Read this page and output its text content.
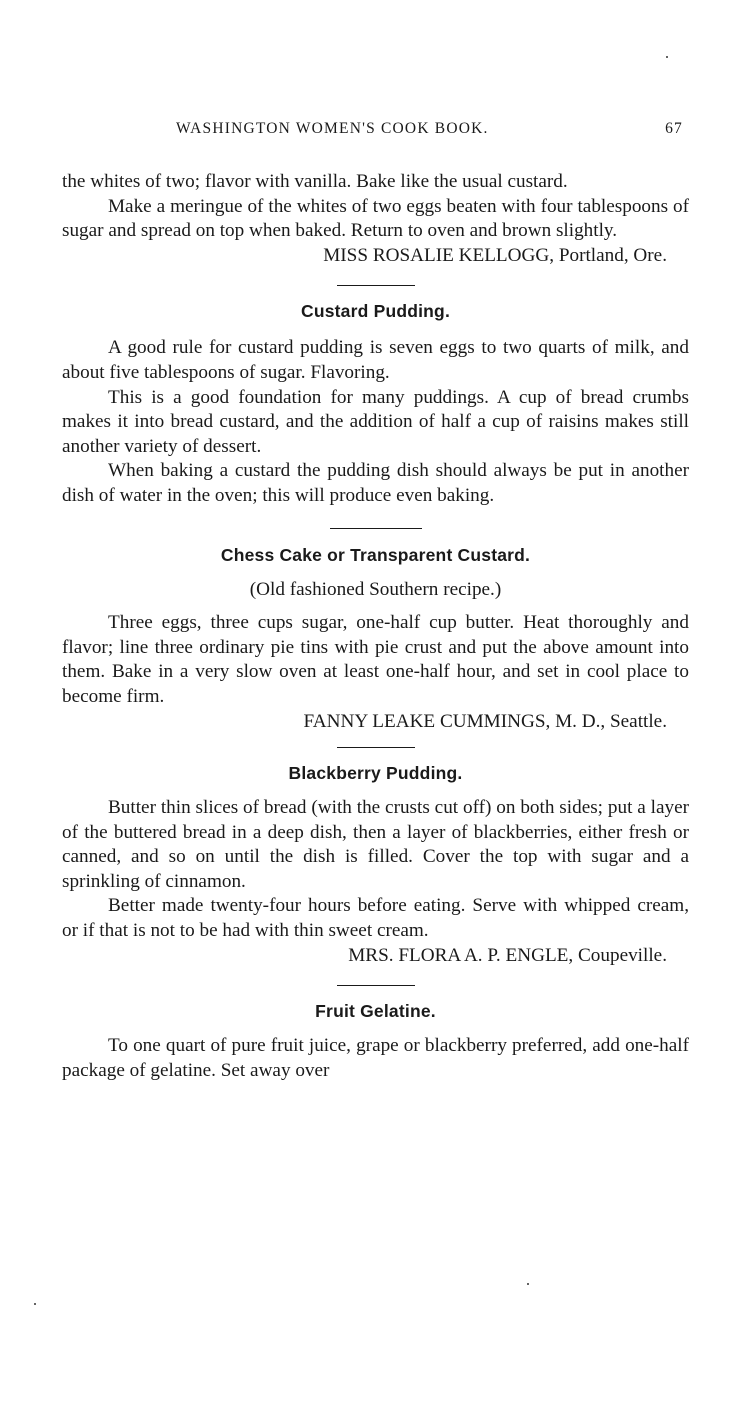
WASHINGTON WOMEN'S COOK BOOK.	67

the whites of two; flavor with vanilla. Bake like the usual custard.

Make a meringue of the whites of two eggs beaten with four tablespoons of sugar and spread on top when baked. Return to oven and brown slightly.

MISS ROSALIE KELLOGG, Portland, Ore.

Custard Pudding.

A good rule for custard pudding is seven eggs to two quarts of milk, and about five tablespoons of sugar. Flavoring.

This is a good foundation for many puddings. A cup of bread crumbs makes it into bread custard, and the addition of half a cup of raisins makes still another variety of dessert.

When baking a custard the pudding dish should always be put in another dish of water in the oven; this will produce even baking.

Chess Cake or Transparent Custard.

(Old fashioned Southern recipe.)

Three eggs, three cups sugar, one-half cup butter. Heat thoroughly and flavor; line three ordinary pie tins with pie crust and put the above amount into them. Bake in a very slow oven at least one-half hour, and set in cool place to become firm.

FANNY LEAKE CUMMINGS, M. D., Seattle.

Blackberry Pudding.

Butter thin slices of bread (with the crusts cut off) on both sides; put a layer of the buttered bread in a deep dish, then a layer of blackberries, either fresh or canned, and so on until the dish is filled. Cover the top with sugar and a sprinkling of cinnamon.

Better made twenty-four hours before eating. Serve with whipped cream, or if that is not to be had with thin sweet cream.

MRS. FLORA A. P. ENGLE, Coupeville.

Fruit Gelatine.

To one quart of pure fruit juice, grape or blackberry preferred, add one-half package of gelatine. Set away over
